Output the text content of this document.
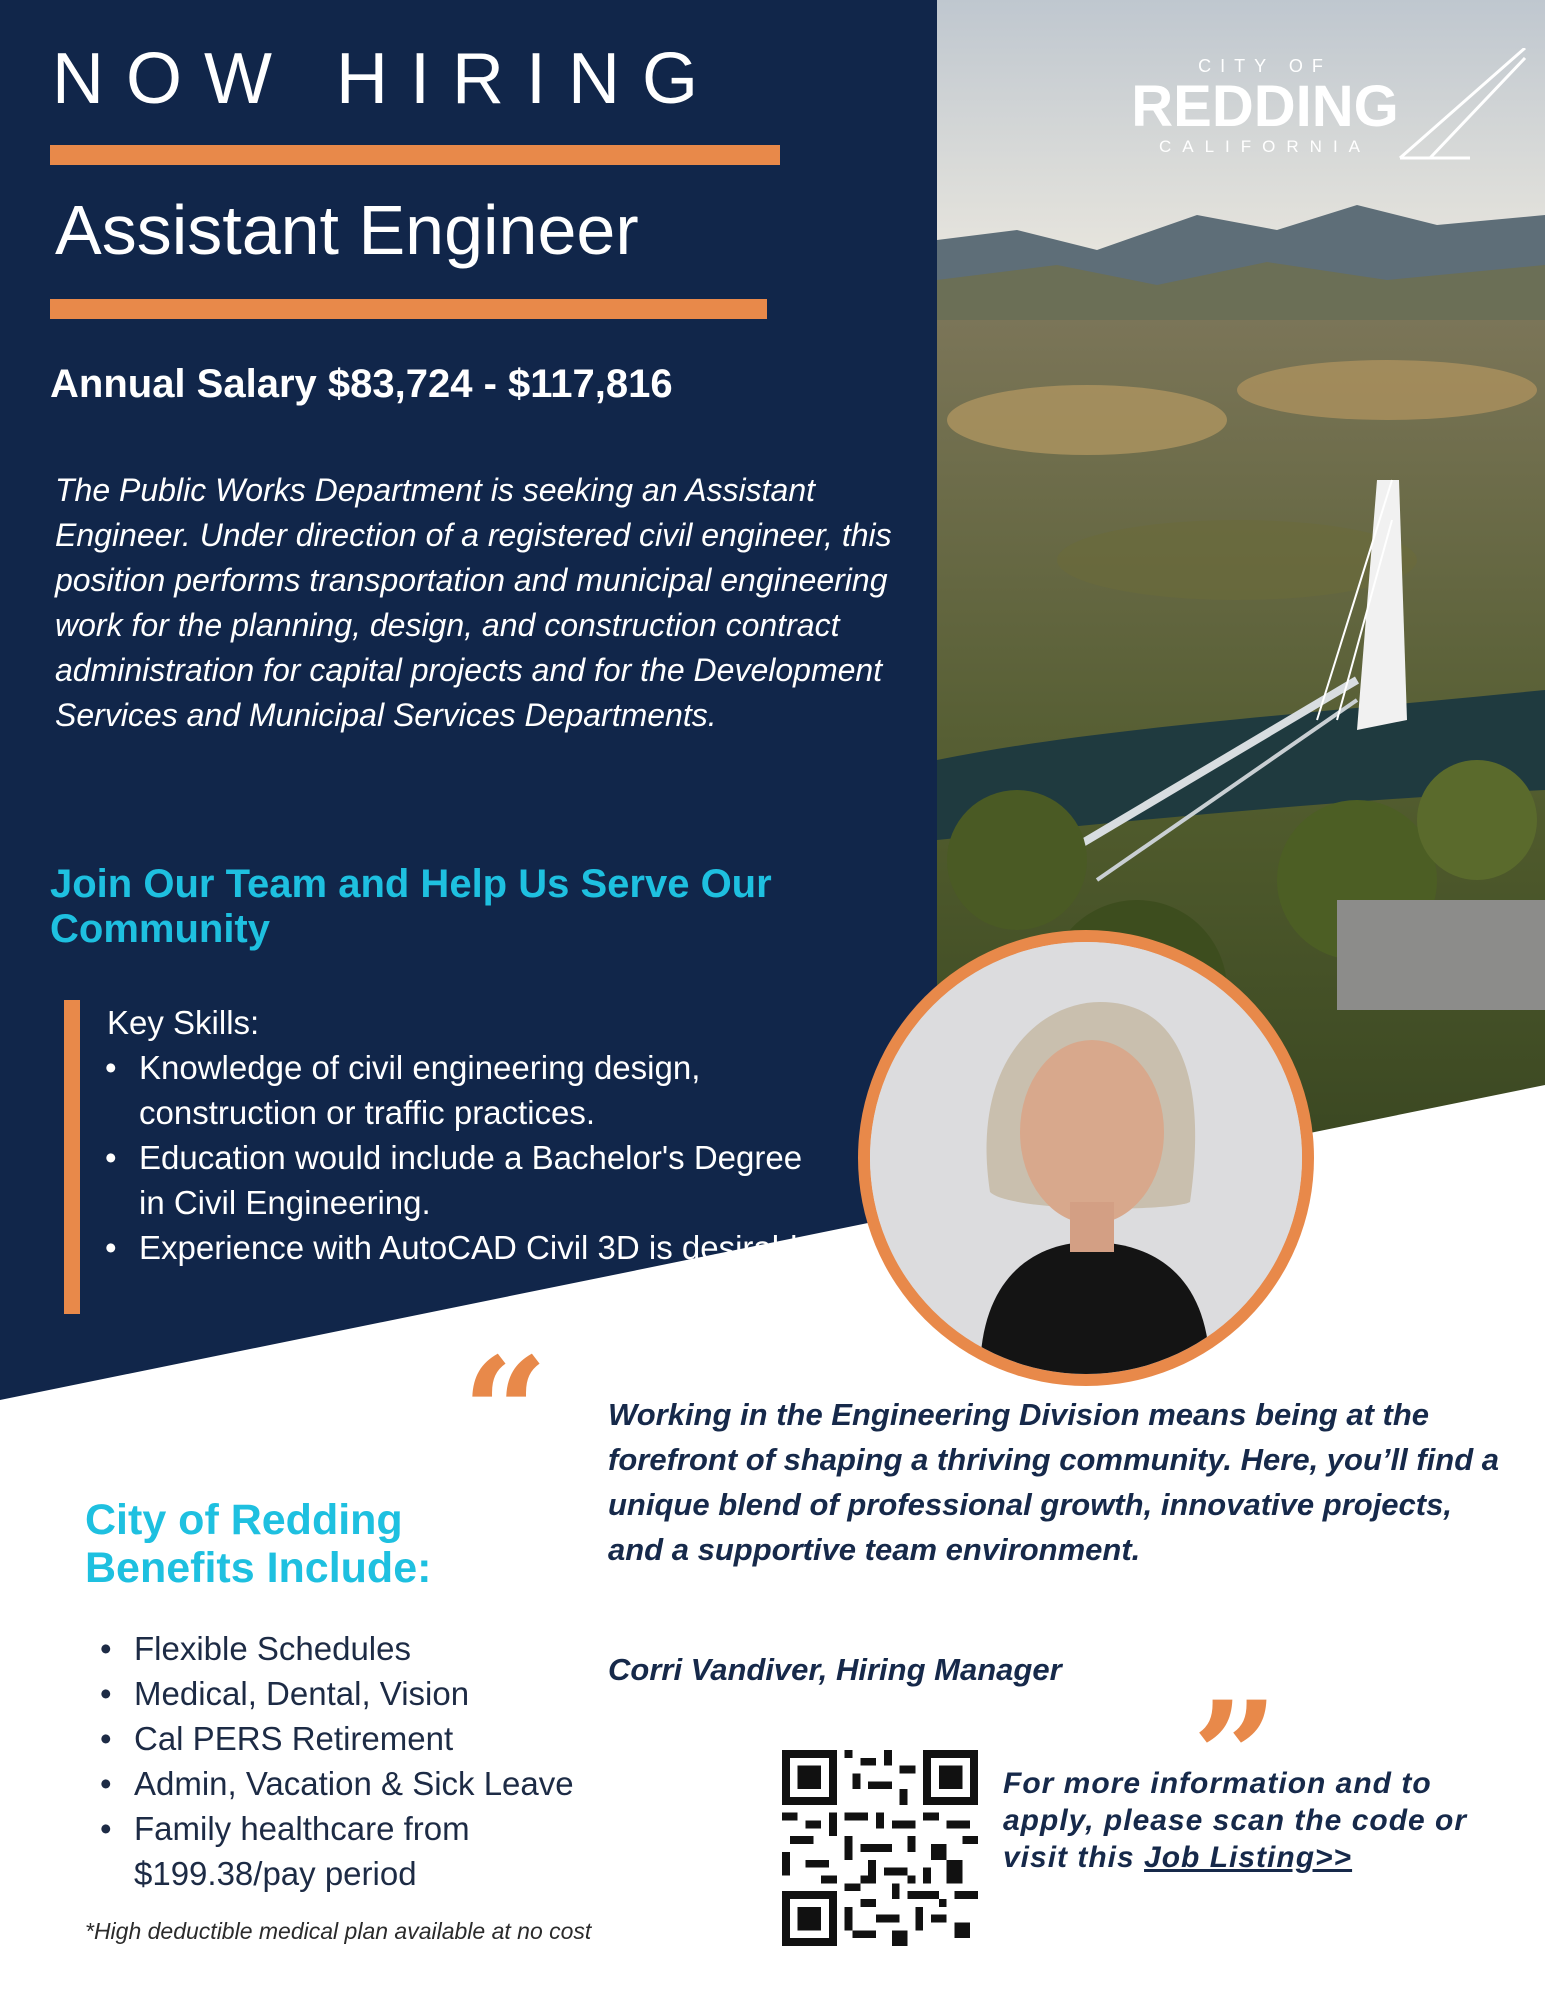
CITY OF
REDDING
CALIFORNIA
NOW HIRING
Assistant Engineer
Annual Salary $83,724 - $117,816

The Public Works Department is seeking an Assistant Engineer. Under direction of a registered civil engineer, this position performs transportation and municipal engineering work for the planning, design, and construction contract administration for capital projects and for the Development Services and Municipal Services Departments.

Join Our Team and Help Us Serve Our Community

Key Skills:

• Knowledge of civil engineering design, construction or traffic practices.
• Education would include a Bachelor's Degree in Civil Engineering.
• Experience with AutoCAD Civil 3D is desirable.
“ Working in the Engineering Division means being at the forefront of shaping a thriving community. Here, you’ll find a unique blend of professional growth, innovative projects, and a supportive team environment.

Corri Vandiver, Hiring Manager ”
City of Redding Benefits Include:
• Flexible Schedules
• Medical, Dental, Vision
• Cal PERS Retirement
• Admin, Vacation & Sick Leave
• Family healthcare from $199.38/pay period
*High deductible medical plan available at no cost

For more information and to apply, please scan the code or visit this Job Listing>>
